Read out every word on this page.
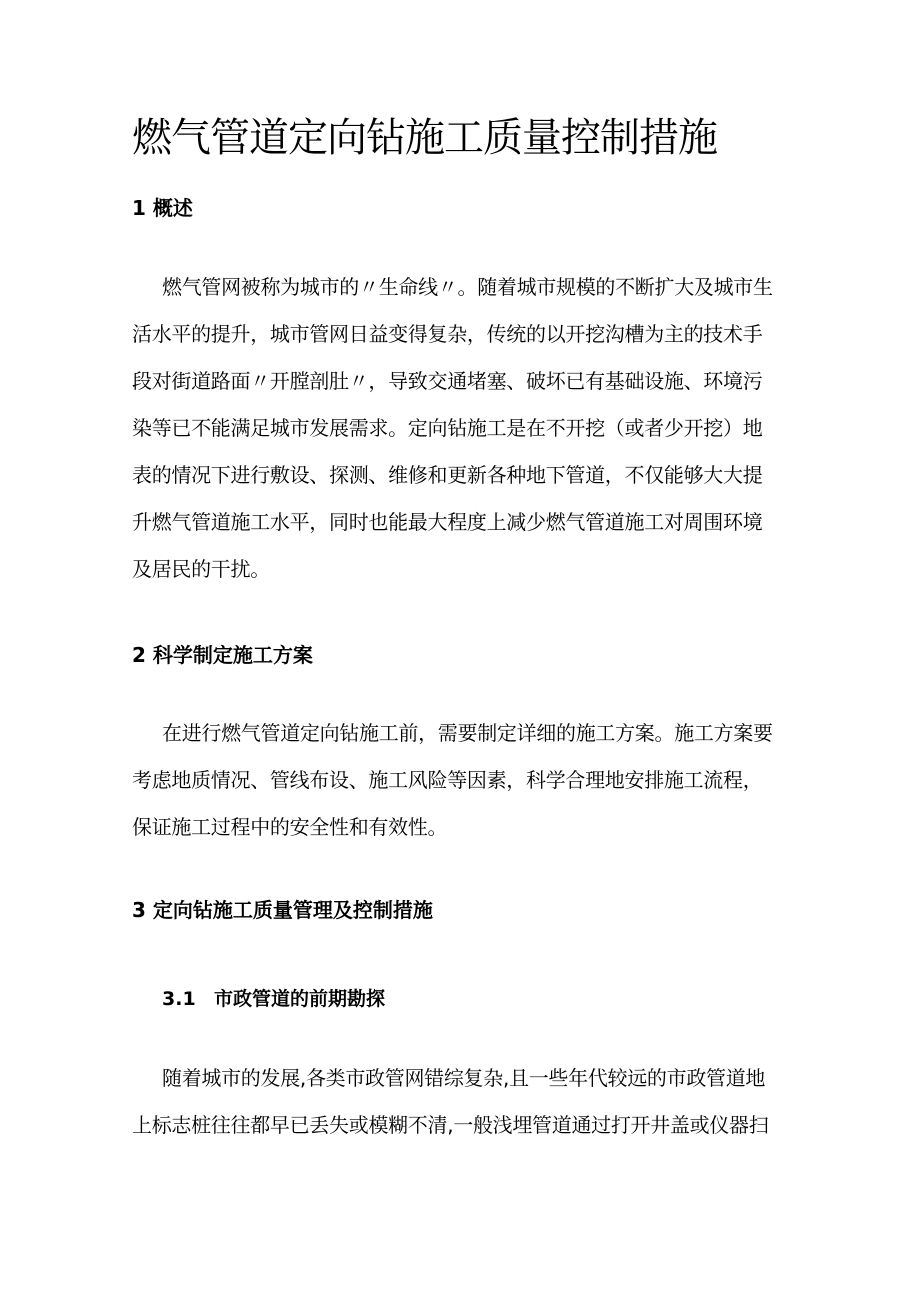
燃气管道定向钻施工质量控制措施
1 概述
燃气管网被称为城市的〃生命线〃。随着城市规模的不断扩大及城市生
活水平的提升，城市管网日益变得复杂，传统的以开挖沟槽为主的技术手
段对街道路面〃开膛剖肚〃，导致交通堵塞、破坏已有基础设施、环境污
染等已不能满足城市发展需求。定向钻施工是在不开挖（或者少开挖）地
表的情况下进行敷设、探测、维修和更新各种地下管道，不仅能够大大提
升燃气管道施工水平，同时也能最大程度上减少燃气管道施工对周围环境
及居民的干扰。
2 科学制定施工方案
在进行燃气管道定向钻施工前，需要制定详细的施工方案。施工方案要
考虑地质情况、管线布设、施工风险等因素，科学合理地安排施工流程，
保证施工过程中的安全性和有效性。
3 定向钻施工质量管理及控制措施
3.1 市政管道的前期勘探
随着城市的发展,各类市政管网错综复杂,且一些年代较远的市政管道地
上标志桩往往都早已丢失或模糊不清,一般浅埋管道通过打开井盖或仪器扫
